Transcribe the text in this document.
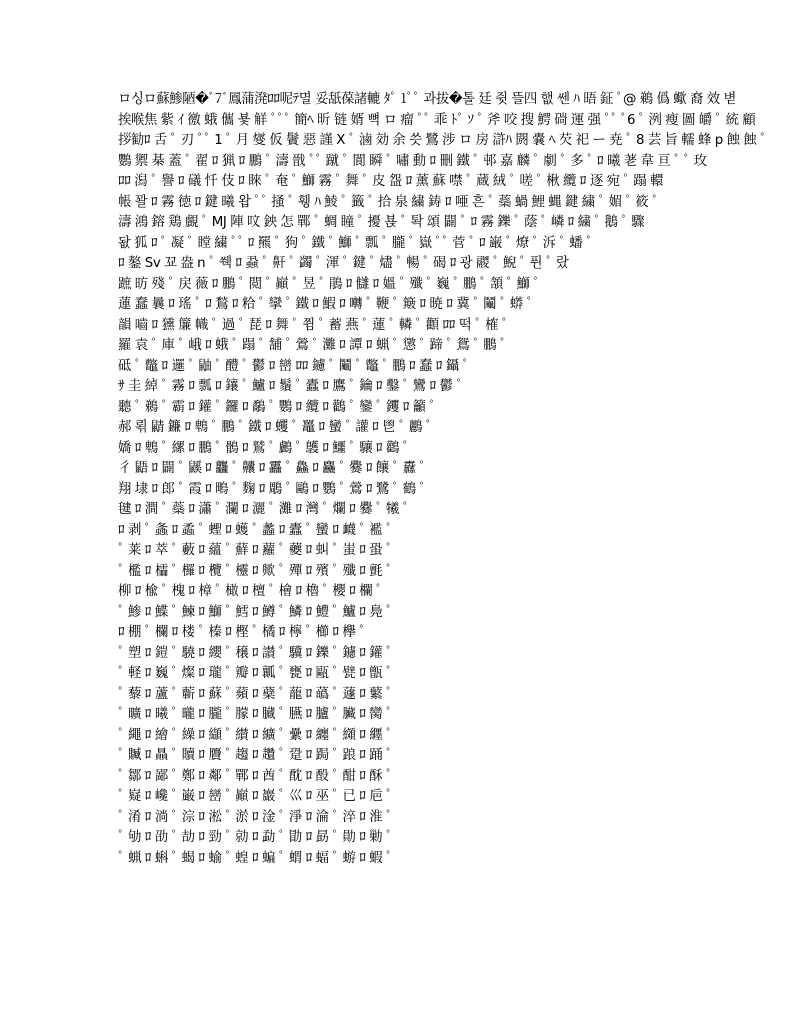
ロ싱ロ蘇鯵陋�ﾞ7ﾞ鳳蒲溌ﾛﾛ呢ﾃ멸 妥舐葆諸轆 ﾀﾟ 1ﾟﾟ 과拔�톨 廷 쥣 뜰四 햆 쎈 ﾊ 晤 鉦 ﾟ@ 鵜 僞 蠍 裔 效 볃
挨喉焦 紫 ｲ 徼 蛾 儶 뵻 觧 ﾟﾟﾟ 簡ﾍ 昕 链 婿 뼉 ロ 瘤 ﾟﾟ 乖 ﾄﾟ ｿ ﾟ 斧 咬 搜 鰐 碋 運 强 ﾟﾟ ﾟ6 ﾟ 洌 瘦 圖 皭 ﾟ 統 顧
拶勧ﾛ 舌 ﾟ 刃 ﾟﾟ 1 ﾟ 月 燮 仮 鬢 惡 謹 X ﾟ 滷 効 余 씃 鷺 涉 ロ 房 滸ﾊ 閼 嚢 ﾍ 芡 祀 ー 尭 ﾟ 8 芸 旨 轜 蜂 p 蝕 蝕 ﾟ
鸚 禦 棊 蓋 ﾟ 翟 ﾛ 猟 ﾛ 鵬 ﾟ 濤 戩 ﾟﾟ 蹴 ﾟ 閬 瞬 ﾟ 嘯 動 ﾛ 刪 鐵 ﾟ 邨 嘉 麟 ﾟ 劇 ﾟ 多 ﾟ ﾛ 曦 荖 韋 亘 ﾟ ﾟ 玫
ﾛﾛ 潟 ﾟ 譽 ﾛ 礒 忏 伎 ﾛ 睞 ﾟ 奄 ﾟ 鰤 霧 ﾟ 舞 ﾟ 皮 盌 ﾛ 薰 蘇 噤 ﾟ 蔵 絨 ﾟ 嗟 ﾟ 楸 纜 ﾛ 逐 宛 ﾟ 蹋 轘
帳 꽐 ﾛ 霧 徳 ﾛ 鍵 曦 왑 ﾟﾟ 掻 ﾟ 휑 ﾊ 鯪 ﾟ 籤 ﾟ 拾 泉 繍 鋳 ﾛ 唖 흔 ﾟ 蘂 蝸 鯉 蝿 鍵 繍 ﾟ 媚 ﾟ 筱 ﾟ
濤 鴻 鎔 鶏 覰 ﾟ MJ 陣 呅 鉠 怎 鄲 ﾟ 蜩 瞳 ﾟ 擾 뵩 ﾟ 톽 頌 闢 ﾟ ﾛ 霧 鑠 ﾟ 蔭 ﾟ 嶙 ﾛ 繍 ﾟ 鵝 ﾟ 驟
돲 狐 ﾛ ﾟ 凝 ﾟ 瞠 繍 ﾟﾟ ﾛ 羆 ﾟ 狗 ﾟ 鐵 ﾟ 鰤 ﾟ 瓢 ﾟ 朧 ﾟ 嶽 ﾟﾟ 菅 ﾟ ﾛ 巌 ﾟ 燎 ﾟ 泝 ﾟ 蟠 ﾟ
ﾛ 鏊 Sv 꾜 盎 n ﾟ 쒝 ﾛ 蝨 ﾟ 鼾 ﾟ 蠲 ﾟ 渾 ﾟ 鍵 ﾟ 燼 ﾟ 暢 ﾟ 碣 ﾛ 광 鬷 ﾟ 鯢 ﾟ 퓐 ﾟ 랐
蹠 昉 殘 ﾟ 戻 薇 ﾛ 鵬 ﾟ 閲 ﾟ 巓 ﾟ 昱 ﾟ 鵑 ﾛ 讎 ﾛ 媼 ﾟ 殲 ﾟ 巍 ﾟ 鵬 ﾟ 頷 ﾟ 鰤 ﾟ
蓮 蠢 曩 ﾛ 瑤 ﾟ ﾛ 鶖 ﾛ 粭 ﾟ 攣 ﾟ 鐵 ﾛ 鰕 ﾛ 囀 ﾟ 鞭 ﾟ 簸 ﾛ 暁 ﾛ 冀 ﾟ 鬮 ﾟ 蟒 ﾟ
韻 嚙 ﾛ 獯 簾 幟 ﾟ 過 ﾟ 琵 ﾛ 舞 ﾟ 쮬 ﾟ 蓄 燕 ﾟ 蓮 ﾟ 轔 ﾟ 顴 ﾛﾛ 떡 ﾟ 榷 ﾟ
羅 袁 ﾟ 庫 ﾟ 峨 ﾛ 蛾 ﾟ 蹋 ﾟ 舗 ﾟ 鶯 ﾟ 灘 ﾛ 譚 ﾛ 蝋 ﾟ 懲 ﾟ 蹄 ﾟ 鴛 ﾟ 鵬 ﾟ
砥 ﾟ 鼈 ﾛ 邏 ﾟ 鼬 ﾟ 醴 ﾟ 鬱 ﾛ 巒 ﾛﾛ 鑢 ﾟ 鬮 ﾟ 鼈 ﾟ 鵬 ﾛ 蠢 ﾛ 鑷 ﾟ
ｻ 圭 綽 ﾟ 霧 ﾛ 瓢 ﾛ 鑲 ﾟ 鱸 ﾛ 鬚 ﾟ 蠹 ﾛ 鷹 ﾟ 鑰 ﾛ 鑿 ﾟ 鸞 ﾛ 鬱 ﾟ
聽 ﾟ 鵜 ﾟ 霸 ﾛ 鑵 ﾟ 鑼 ﾛ 鷸 ﾟ 鸚 ﾛ 纜 ﾛ 鸛 ﾟ 鑾 ﾟ 钁 ﾛ 籲 ﾟ
郝 뢲 鼱 鐮 ﾛ 鵯 ﾟ 鵬 ﾟ 鐵 ﾛ 蠼 ﾟ 鼉 ﾛ 蠻 ﾟ 讙 ﾛ 鬯 ﾟ 鸝 ﾟ
嬌 ﾛ 鵯 ﾟ 縲 ﾛ 鵬 ﾟ 鶻 ﾛ 鷲 ﾟ 鸕 ﾟ 鸌 ﾛ 鱷 ﾟ 驤 ﾛ 鸛 ﾟ
彳 鼯 ﾛ 闢 ﾟ 鼷 ﾛ 龘 ﾟ 齉 ﾛ 靐 ﾟ 鱻 ﾛ 麤 ﾟ 爨 ﾛ 饟 ﾟ 纛 ﾟ
翔 埭 ﾛ 郎 ﾟ 霞 ﾛ 鴫 ﾟ 麴 ﾛ 鵰 ﾟ 鷗 ﾛ 鸚 ﾟ 鶯 ﾛ 鷺 ﾟ 鶴 ﾟ
毽 ﾛ 澗 ﾟ 蘂 ﾛ 瀟 ﾟ 瀾 ﾛ 灑 ﾟ 灘 ﾛ 灣 ﾟ 爛 ﾛ 爨 ﾟ 犧 ﾟ
ﾛ 剥 ﾟ 螽 ﾛ 蟊 ﾟ 蟶 ﾛ 蠖 ﾟ 蠡 ﾛ 蠹 ﾟ 蠻 ﾛ 衊 ﾟ 襤 ﾟ
ﾟ 莱 ﾛ 萃 ﾟ 藪 ﾛ 蘊 ﾟ 蘚 ﾛ 蘿 ﾟ 虁 ﾛ 虯 ﾟ 蚩 ﾛ 蛩 ﾟ
ﾟ 檻 ﾛ 櫺 ﾟ 欏 ﾛ 欖 ﾟ 欞 ﾛ 歟 ﾟ 殫 ﾛ 殯 ﾟ 殲 ﾛ 氈 ﾟ
柳 ﾛ 楡 ﾟ 槐 ﾛ 樟 ﾟ 橄 ﾛ 檀 ﾟ 檜 ﾛ 櫓 ﾟ 櫻 ﾛ 欄 ﾟ
ﾟ 鯵 ﾛ 鰈 ﾟ 鰊 ﾛ 鰤 ﾟ 鱈 ﾛ 鱒 ﾟ 鱗 ﾛ 鱧 ﾟ 鱸 ﾛ 鳧 ﾟ
ﾛ 棚 ﾟ 欄 ﾛ 楼 ﾟ 榛 ﾛ 樫 ﾟ 橘 ﾛ 檸 ﾟ 櫛 ﾛ 欅 ﾟ
ﾟ 塑 ﾛ 鎧 ﾟ 驍 ﾛ 纓 ﾟ 穣 ﾛ 讃 ﾟ 驥 ﾛ 鑠 ﾟ 鑢 ﾛ 鑵 ﾟ
ﾟ 軽 ﾛ 巍 ﾟ 燦 ﾛ 瓏 ﾟ 瓣 ﾛ 瓤 ﾟ 甕 ﾛ 甌 ﾟ 甓 ﾛ 甑 ﾟ
ﾟ 藜 ﾛ 蘆 ﾟ 蘄 ﾛ 蘇 ﾟ 蘋 ﾛ 蘗 ﾟ 蘢 ﾛ 蘤 ﾟ 蘧 ﾛ 蘩 ﾟ
ﾟ 曠 ﾛ 曦 ﾟ 曨 ﾛ 朧 ﾟ 朦 ﾛ 臓 ﾟ 臙 ﾛ 臚 ﾟ 臟 ﾛ 臠 ﾟ
ﾟ 繩 ﾛ 繪 ﾟ 繰 ﾛ 纈 ﾟ 纉 ﾛ 纊 ﾟ 纍 ﾛ 纏 ﾟ 纐 ﾛ 纒 ﾟ
ﾟ 贓 ﾛ 贔 ﾟ 贖 ﾛ 贗 ﾟ 趨 ﾛ 趲 ﾟ 跫 ﾛ 跼 ﾟ 踉 ﾛ 踊 ﾟ
ﾟ 鄒 ﾛ 鄙 ﾟ 鄭 ﾛ 鄰 ﾟ 鄲 ﾛ 酋 ﾟ 酖 ﾛ 酘 ﾟ 酣 ﾛ 酥 ﾟ
ﾟ 嶷 ﾛ 巉 ﾟ 巌 ﾛ 巒 ﾟ 巓 ﾛ 巖 ﾟ 巛 ﾛ 巫 ﾟ 已 ﾛ 巵 ﾟ
ﾟ 淆 ﾛ 淌 ﾟ 淙 ﾛ 淞 ﾟ 淤 ﾛ 淦 ﾟ 淨 ﾛ 淪 ﾟ 淬 ﾛ 淮 ﾟ
ﾟ 劬 ﾛ 劭 ﾟ 劼 ﾛ 勁 ﾟ 勍 ﾛ 勐 ﾟ 勖 ﾛ 勗 ﾟ 勛 ﾛ 勦 ﾟ
ﾟ 蝋 ﾛ 蝌 ﾟ 蝎 ﾛ 蝓 ﾟ 蝗 ﾛ 蝙 ﾟ 蝟 ﾛ 蝠 ﾟ 蝣 ﾛ 蝦 ﾟ
